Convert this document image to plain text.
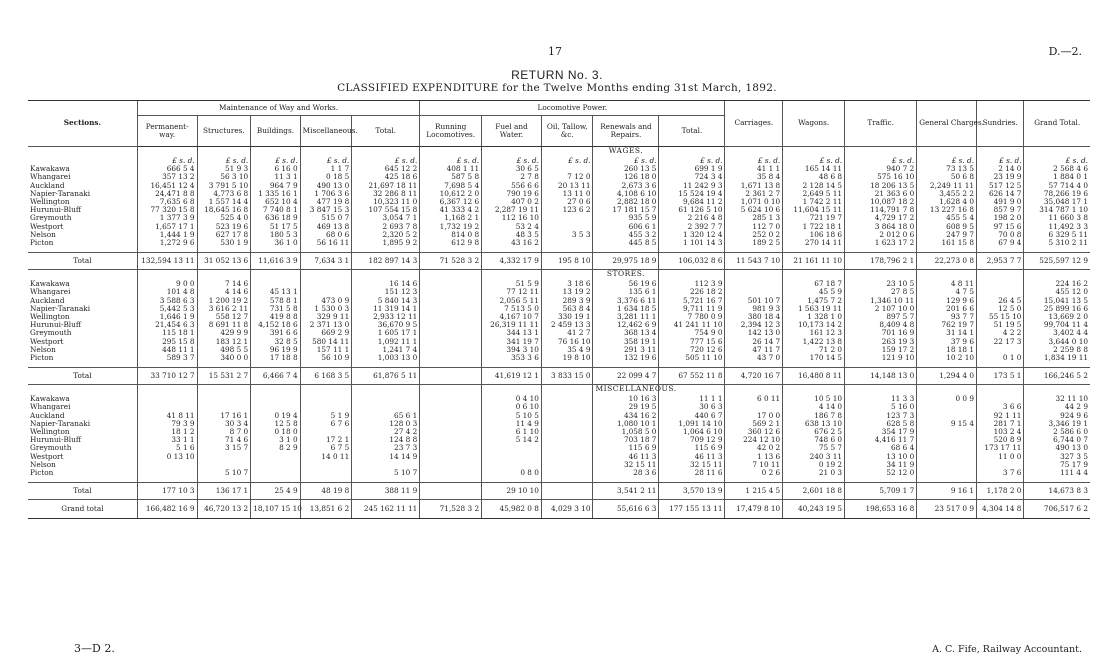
17	D.—2.
RETURN No. 3.
CLASSIFIED EXPENDITURE for the Twelve Months ending 31st March, 1892.
Sections.	Maintenance of Way and Works.					Locomotive Power.					Carriages.	Wagons.	Traffic.	General Charges.	Sundries.	Grand Total.
	Permanent-way.	Structures.	Buildings.	Miscellaneous.	Total.	Running Locomotives.	Fuel and Water.	Oil, Tallow, &c.	Renewals and Repairs.	Total.						
									WAGES.							
	£ s. d.	£ s. d.	£ s. d.	£ s. d.	£ s. d.	£ s. d.	£ s. d.	£ s. d.	£ s. d.	£ s. d.	£ s. d.	£ s. d.	£ s. d.	£ s. d.	£ s. d.	£ s. d.
Kawakawa	666 5 4	51 9 3	6 16 0	1 1 7	645 12 2	408 1 11	30 6 5		260 13 5	699 1 9	41 1 1	165 14 11	940 7 2	73 13 5	2 14 0	2 568 4 6
Whangarei	357 13 2	56 3 10	11 3 1	0 18 5	425 18 6	587 5 8	2 7 8	7 12 0	126 18 0	724 3 4	35 8 4	48 6 8	575 16 10	50 6 8	23 19 9	1 884 0 1
Auckland	16,451 12 4	3 791 5 10	964 7 9	490 13 0	21,697 18 11	7,698 5 4	556 6 6	20 13 11	2,673 3 6	11 242 9 3	1,671 13 8	2 128 14 5	18 206 13 5	2,249 11 11	517 12 5	57 714 4 0
Napier-Taranaki	24,471 8 8	4,773 6 8	1 335 16 1	1 706 3 6	32 286 8 11	10,612 2 0	790 19 6	13 11 0	4,108 6 10	15 524 19 4	2 361 2 7	2,649 5 11	21 363 6 0	3,455 2 2	626 14 7	78,266 19 6
Wellington	7,635 6 8	1 557 14 4	652 10 4	477 19 8	10,323 11 0	6,367 12 6	407 0 2	27 0 6	2,882 18 0	9,684 11 2	1,071 0 10	1 742 2 11	10,087 18 2	1,628 4 0	491 9 0	35,048 17 1
Hurunui-Bluff	77 320 15 8	18,645 16 8	7 740 8 1	3 847 15 3	107 554 15 8	41 333 4 2	2,287 19 11	123 6 2	17 181 15 7	61 126 5 10	5 624 10 6	11,604 15 11	114,791 7 8	13 227 16 8	857 9 7	314 787 1 10
Greymouth	1 377 3 9	525 4 0	636 18 9	515 0 7	3,054 7 1	1,168 2 1	112 16 10		935 5 9	2 216 4 8	285 1 3	721 19 7	4,729 17 2	455 5 4	198 2 0	11 660 3 8
Westport	1,657 17 1	523 19 6	51 17 5	469 13 8	2 693 7 8	1,732 19 2	53 2 4		606 6 1	2 392 7 7	112 7 0	1 722 18 1	3 864 18 0	608 9 5	97 15 6	11,492 3 3
Nelson	1,444 1 9	627 17 8	180 5 3	68 0 6	2,320 5 2	814 0 8	48 3 5	3 5 3	455 3 2	1 320 12 4	252 0 2	106 18 6	2 012 0 6	247 9 7	70 0 8	6 329 5 11
Picton	1,272 9 6	530 1 9	36 1 0	56 16 11	1,895 9 2	612 9 8	43 16 2		445 8 5	1 101 14 3	189 2 5	270 14 11	1 623 17 2	161 15 8	67 9 4	5 310 2 11

Total	132,594 13 11	31 052 13 6	11,616 3 9	7,634 3 1	182 897 14 3	71 528 3 2	4,332 17 9	195 8 10	29,975 18 9	106,032 8 6	11 543 7 10	21 161 11 10	178,796 2 1	22,273 0 8	2,953 7 7	525,597 12 9
									STORES.							
Kawakawa	9 0 0	7 14 6			16 14 6		51 5 9	3 18 6	56 19 6	112 3 9		67 18 7	23 10 5	4 8 11		224 16 2
Whangarei	101 4 8	4 14 6	45 13 1		151 12 3		77 12 11	13 19 2	135 6 1	226 18 2		45 5 9	27 8 5	4 7 5		455 12 0
Auckland	3 588 6 3	1 200 19 2	578 8 1	473 0 9	5 840 14 3		2,056 5 11	289 3 9	3,376 6 11	5,721 16 7	501 10 7	1,475 7 2	1,346 10 11	129 9 6	26 4 5	15,041 13 5
Napier-Taranaki	5,442 5 3	3 616 2 11	731 5 8	1 530 0 3	11 319 14 1		7 513 5 0	563 8 4	1 634 18 5	9,711 11 9	981 9 3	1 563 19 11	2 107 10 0	201 6 6	12 5 0	25 899 16 6
Wellington	1,646 1 9	558 12 7	419 8 8	329 9 11	2,933 12 11		4,167 10 7	330 19 1	3,281 11 1	7 780 0 9	380 18 4	1 328 1 0	897 5 7	93 7 7	55 15 10	13,669 2 0
Hurunui-Bluff	21,454 6 3	8 691 11 8	4,152 18 6	2 371 13 0	36,670 9 5		26,319 11 11	2 459 13 3	12,462 6 9	41 241 11 10	2,394 12 3	10,173 14 2	8,409 4 8	762 19 7	51 19 5	99,704 11 4
Greymouth	115 18 1	429 9 9	391 6 6	669 2 9	1 605 17 1		344 13 1	41 2 7	368 13 4	754 9 0	142 13 0	161 12 3	701 16 9	31 14 1	4 2 2	3,402 4 4
Westport	295 15 8	183 12 1	32 8 5	580 14 11	1,092 11 1		341 19 7	76 16 10	358 19 1	777 15 6	26 14 7	1,422 13 8	263 19 3	37 9 6	22 17 3	3,644 0 10
Nelson	448 11 1	498 5 5	96 19 9	157 11 1	1,241 7 4		394 3 10	35 4 9	291 3 11	720 12 6	47 11 7	71 2 0	159 17 2	18 18 1		2 259 8 8
Picton	589 3 7	340 0 0	17 18 8	56 10 9	1,003 13 0		353 3 6	19 8 10	132 19 6	505 11 10	43 7 0	170 14 5	121 9 10	10 2 10	0 1 0	1,834 19 11

Total	33 710 12 7	15 531 2 7	6,466 7 4	6 168 3 5	61,876 5 11		41,619 12 1	3 833 15 0	22 099 4 7	67 552 11 8	4,720 16 7	16,480 8 11	14,148 13 0	1,294 4 0	173 5 1	166,246 5 2
									MISCELLANEOUS.							
Kawakawa							0 4 10		10 16 3	11 1 1	6 0 11	10 5 10	11 3 3	0 0 9		32 11 10
Whangarei							0 6 10		29 19 5	30 6 3		4 14 0	5 16 0		3 6 6	44 2 9
Auckland	41 8 11	17 16 1	0 19 4	5 1 9	65 6 1		5 10 5		434 16 2	440 6 7	17 0 0	186 7 8	123 7 3		92 1 11	924 9 6
Napier-Taranaki	79 3 9	30 3 4	12 5 8	6 7 6	128 0 3		11 4 9		1,080 10 1	1,091 14 10	569 2 1	638 13 10	628 5 8	9 15 4	281 7 1	3,346 19 1
Wellington	18 1 2	8 7 0	0 18 0		27 4 2		6 1 10		1,058 5 0	1,064 6 10	360 12 6	676 2 5	354 17 9		103 2 4	2 586 6 0
Hurunui-Bluff	33 1 1	71 4 6	3 1 0	17 2 1	124 8 8		5 14 2		703 18 7	709 12 9	224 12 10	748 6 0	4,416 11 7		520 8 9	6,744 0 7
Greymouth	5 1 6	3 15 7	8 2 9	6 7 5	23 7 3				115 6 9	115 6 9	42 0 2	75 5 7	68 6 4		173 17 11	490 13 0
Westport	0 13 10			14 0 11	14 14 9				46 11 3	46 11 3	1 13 6	240 3 11	13 10 0		11 0 0	327 3 5
Nelson									32 15 11	32 15 11	7 10 11	0 19 2	34 11 9			75 17 9
Picton		5 10 7			5 10 7		0 8 0		28 3 6	28 11 6	0 2 6	21 0 3	52 12 0		3 7 6	111 4 4

Total	177 10 3	136 17 1	25 4 9	48 19 8	388 11 9		29 10 10		3,541 2 11	3,570 13 9	1 215 4 5	2,601 18 8	5,709 1 7	9 16 1	1,178 2 0	14,673 8 3
Grand total	166,482 16 9	46,720 13 2	18,107 15 10	13,851 6 2	245 162 11 11	71,528 3 2	45,982 0 8	4,029 3 10	55,616 6 3	177 155 13 11	17,479 8 10	40,243 19 5	198,653 16 8	23 517 0 9	4,304 14 8	706,517 6 2
3—D 2.	A. C. Fife, Railway Accountant.
